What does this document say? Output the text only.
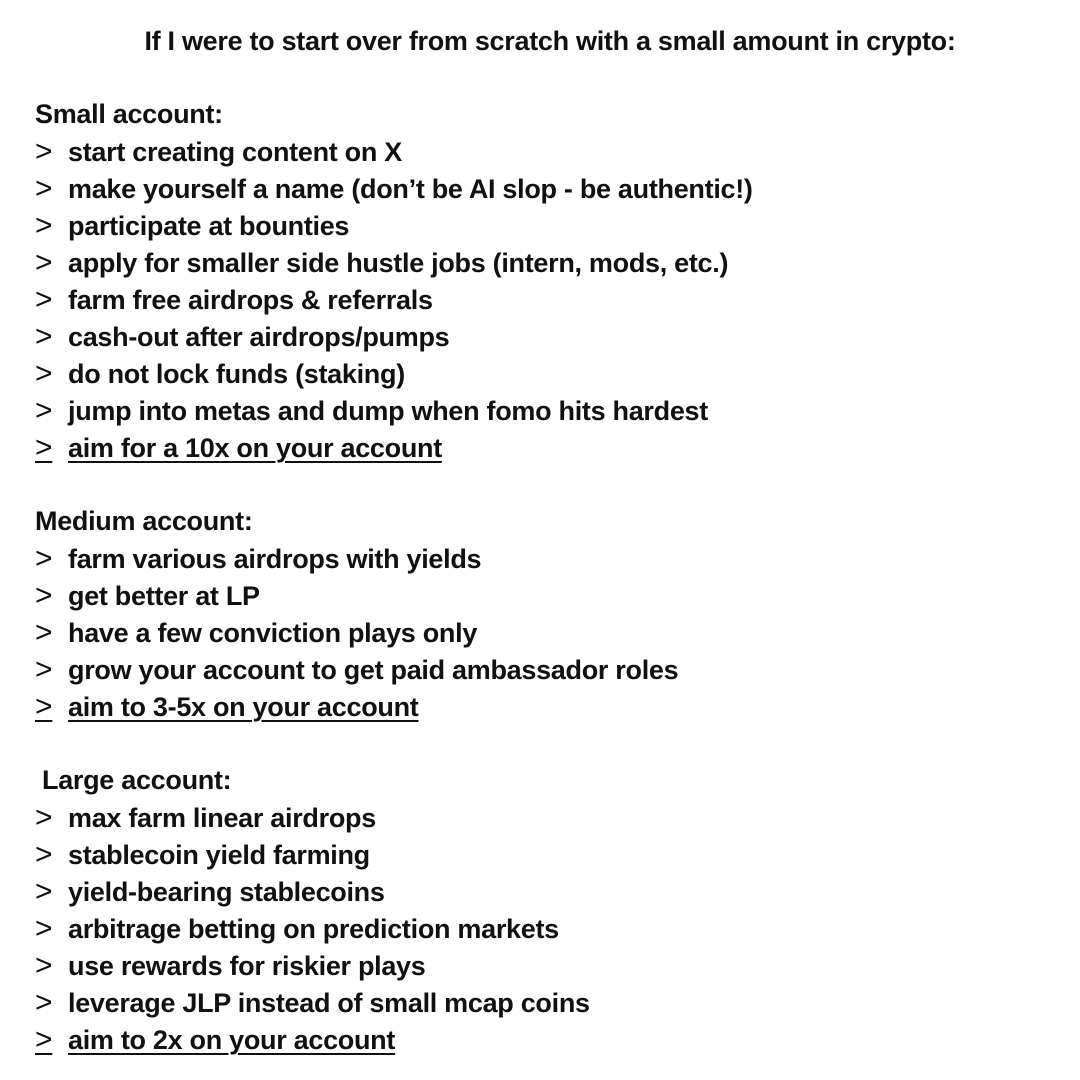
If I were to start over from scratch with a small amount in crypto:
Small account:
> start creating content on X
> make yourself a name (don’t be AI slop - be authentic!)
> participate at bounties
> apply for smaller side hustle jobs (intern, mods, etc.)
> farm free airdrops & referrals
> cash-out after airdrops/pumps
> do not lock funds (staking)
> jump into metas and dump when fomo hits hardest
> aim for a 10x on your account
Medium account:
> farm various airdrops with yields
> get better at LP
> have a few conviction plays only
> grow your account to get paid ambassador roles
> aim to 3-5x on your account
Large account:
> max farm linear airdrops
> stablecoin yield farming
> yield-bearing stablecoins
> arbitrage betting on prediction markets
> use rewards for riskier plays
> leverage JLP instead of small mcap coins
> aim to 2x on your account
